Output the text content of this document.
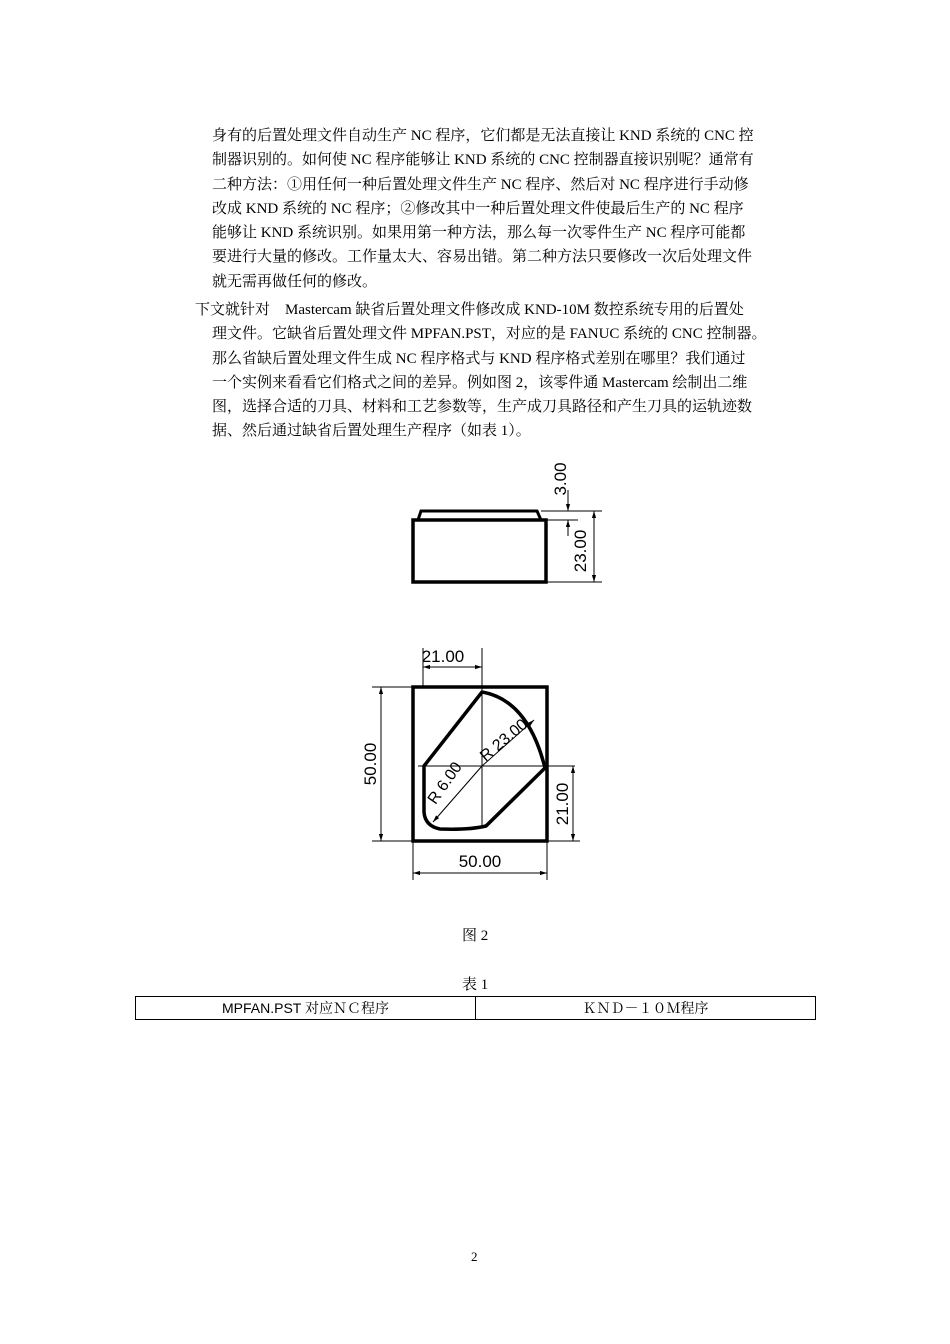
身有的后置处理文件自动生产 NC 程序，它们都是无法直接让 KND 系统的 CNC 控

制器识别的。如何使 NC 程序能够让 KND 系统的 CNC 控制器直接识别呢？通常有

二种方法：①用任何一种后置处理文件生产 NC 程序、然后对 NC 程序进行手动修

改成 KND 系统的 NC 程序；②修改其中一种后置处理文件使最后生产的 NC 程序

能够让 KND 系统识别。如果用第一种方法，那么每一次零件生产 NC 程序可能都

要进行大量的修改。工作量太大、容易出错。第二种方法只要修改一次后处理文件

就无需再做任何的修改。

下文就针对　Mastercam 缺省后置处理文件修改成 KND-10M 数控系统专用的后置处

理文件。它缺省后置处理文件 MPFAN.PST，对应的是 FANUC 系统的 CNC 控制器。

那么省缺后置处理文件生成 NC 程序格式与 KND 程序格式差别在哪里？我们通过

一个实例来看看它们格式之间的差异。例如图 2，该零件通 Mastercam 绘制出二维

图，选择合适的刀具、材料和工艺参数等，生产成刀具路径和产生刀具的运轨迹数

据、然后通过缺省后置处理生产程序（如表 1）。

3.00
23.00
21.00
50.00
21.00
50.00
R 23.00
R 6.00
图 2
表 1
MPFAN.PST 对应ＮＣ程序	ＫＮＤ－１０Ｍ程序
2
